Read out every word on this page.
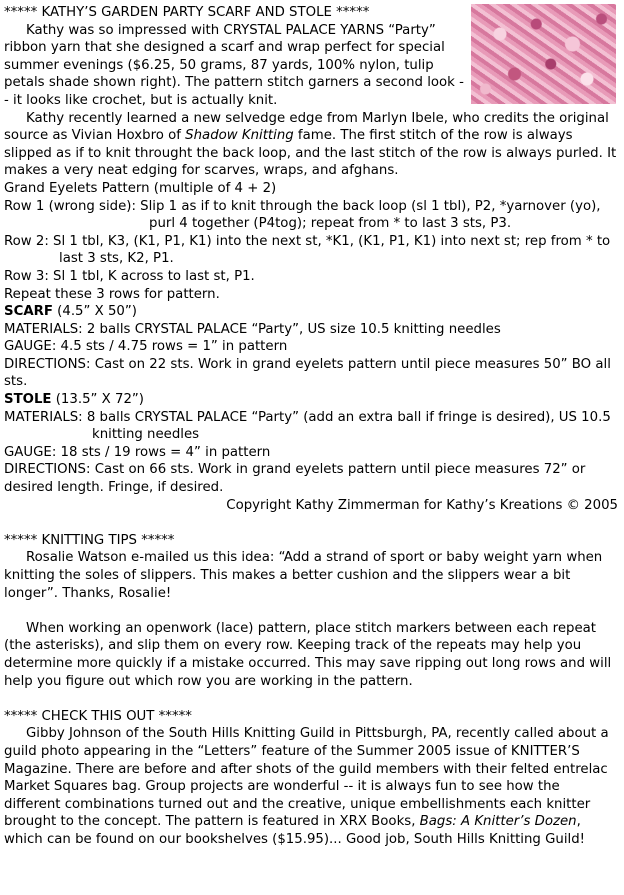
***** KATHY’S GARDEN PARTY SCARF AND STOLE *****

Kathy was so impressed with CRYSTAL PALACE YARNS “Party” ribbon yarn that she designed a scarf and wrap perfect for special summer evenings ($6.25, 50 grams, 87 yards, 100% nylon, tulip petals shade shown right). The pattern stitch garners a second look -- it looks like crochet, but is actually knit.

Kathy recently learned a new selvedge edge from Marlyn Ibele, who credits the original source as Vivian Hoxbro of Shadow Knitting fame. The first stitch of the row is always slipped as if to knit throught the back loop, and the last stitch of the row is always purled. It makes a very neat edging for scarves, wraps, and afghans.

Grand Eyelets Pattern (multiple of 4 + 2)

Row 1 (wrong side): Slip 1 as if to knit through the back loop (sl 1 tbl), P2, *yarnover (yo), purl 4 together (P4tog); repeat from * to last 3 sts, P3.

Row 2: Sl 1 tbl, K3, (K1, P1, K1) into the next st, *K1, (K1, P1, K1) into next st; rep from * to last 3 sts, K2, P1.

Row 3: Sl 1 tbl, K across to last st, P1.

Repeat these 3 rows for pattern.

SCARF (4.5” X 50”)

MATERIALS: 2 balls CRYSTAL PALACE “Party”, US size 10.5 knitting needles

GAUGE: 4.5 sts / 4.75 rows = 1” in pattern

DIRECTIONS: Cast on 22 sts. Work in grand eyelets pattern until piece measures 50” BO all sts.

STOLE (13.5” X 72”)

MATERIALS: 8 balls CRYSTAL PALACE “Party” (add an extra ball if fringe is desired), US 10.5 knitting needles

GAUGE: 18 sts / 19 rows = 4” in pattern

DIRECTIONS: Cast on 66 sts. Work in grand eyelets pattern until piece measures 72” or desired length. Fringe, if desired.

Copyright Kathy Zimmerman for Kathy’s Kreations © 2005

***** KNITTING TIPS *****

Rosalie Watson e-mailed us this idea: “Add a strand of sport or baby weight yarn when knitting the soles of slippers. This makes a better cushion and the slippers wear a bit longer”. Thanks, Rosalie!

When working an openwork (lace) pattern, place stitch markers between each repeat (the asterisks), and slip them on every row. Keeping track of the repeats may help you determine more quickly if a mistake occurred. This may save ripping out long rows and will help you figure out which row you are working in the pattern.

***** CHECK THIS OUT *****

Gibby Johnson of the South Hills Knitting Guild in Pittsburgh, PA, recently called about a guild photo appearing in the “Letters” feature of the Summer 2005 issue of KNITTER’S Magazine. There are before and after shots of the guild members with their felted entrelac Market Squares bag. Group projects are wonderful -- it is always fun to see how the different combinations turned out and the creative, unique embellishments each knitter brought to the concept. The pattern is featured in XRX Books, Bags: A Knitter’s Dozen, which can be found on our bookshelves ($15.95)... Good job, South Hills Knitting Guild!
